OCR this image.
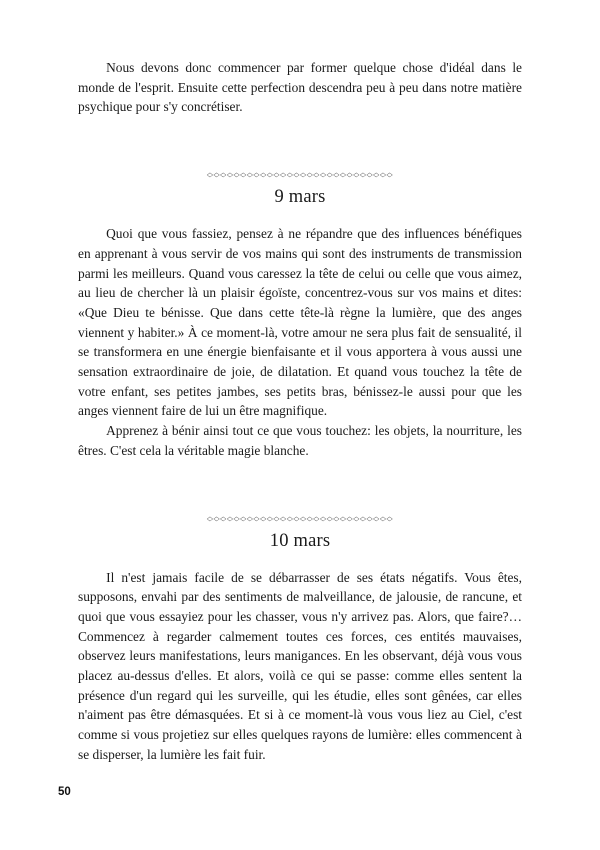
Nous devons donc commencer par former quelque chose d'idéal dans le monde de l'esprit. Ensuite cette perfection descendra peu à peu dans notre matière psychique pour s'y concrétiser.

◇◇◇◇◇◇◇◇◇◇◇◇◇◇◇◇◇◇◇◇◇◇◇◇◇◇◇◇
9 mars

Quoi que vous fassiez, pensez à ne répandre que des influences bénéfiques en apprenant à vous servir de vos mains qui sont des instruments de transmission parmi les meilleurs. Quand vous caressez la tête de celui ou celle que vous aimez, au lieu de chercher là un plaisir égoïste, concentrez-vous sur vos mains et dites: «Que Dieu te bénisse. Que dans cette tête-là règne la lumière, que des anges viennent y habiter.» À ce moment-là, votre amour ne sera plus fait de sensualité, il se transformera en une énergie bienfaisante et il vous apportera à vous aussi une sensation extraordinaire de joie, de dilatation. Et quand vous touchez la tête de votre enfant, ses petites jambes, ses petits bras, bénissez-le aussi pour que les anges viennent faire de lui un être magnifique.

Apprenez à bénir ainsi tout ce que vous touchez: les objets, la nourriture, les êtres. C'est cela la véritable magie blanche.

◇◇◇◇◇◇◇◇◇◇◇◇◇◇◇◇◇◇◇◇◇◇◇◇◇◇◇◇
10 mars

Il n'est jamais facile de se débarrasser de ses états négatifs. Vous êtes, supposons, envahi par des sentiments de malveillance, de jalousie, de rancune, et quoi que vous essayiez pour les chasser, vous n'y arrivez pas. Alors, que faire?… Commencez à regarder calmement toutes ces forces, ces entités mauvaises, observez leurs manifestations, leurs manigances. En les observant, déjà vous vous placez au-dessus d'elles. Et alors, voilà ce qui se passe: comme elles sentent la présence d'un regard qui les surveille, qui les étudie, elles sont gênées, car elles n'aiment pas être démasquées. Et si à ce moment-là vous vous liez au Ciel, c'est comme si vous projetiez sur elles quelques rayons de lumière: elles commencent à se disperser, la lumière les fait fuir.

50
